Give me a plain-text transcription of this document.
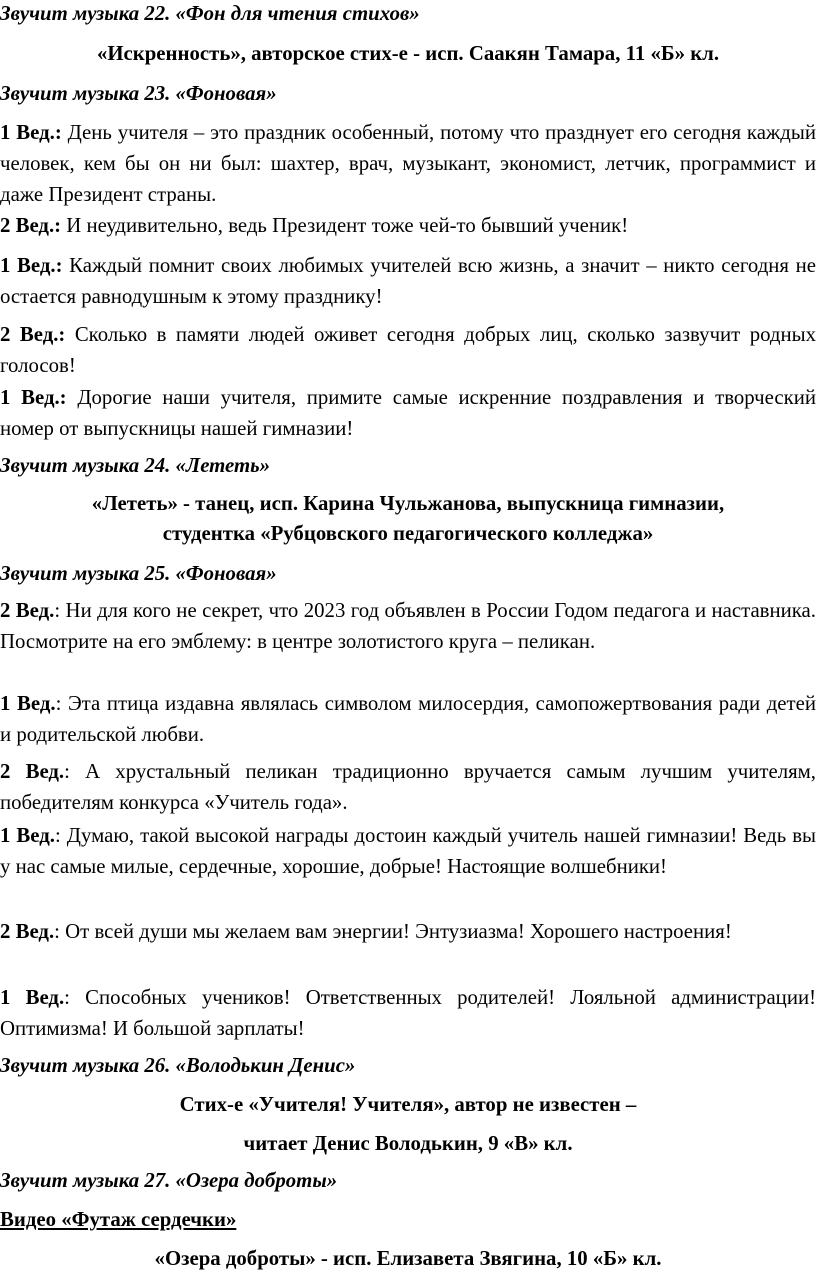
Звучит музыка 22. «Фон для чтения стихов»

«Искренность», авторское стих-е - исп. Саакян Тамара, 11 «Б» кл.

Звучит музыка 23. «Фоновая»

1 Вед.: День учителя – это праздник особенный, потому что празднует его сегодня каждый человек, кем бы он ни был: шахтер, врач, музыкант, экономист, летчик, программист и даже Президент страны.

2 Вед.: И неудивительно, ведь Президент тоже чей-то бывший ученик!

1 Вед.: Каждый помнит своих любимых учителей всю жизнь, а значит – никто сегодня не остается равнодушным к этому празднику!

2 Вед.: Сколько в памяти людей оживет сегодня добрых лиц, сколько зазвучит родных голосов!

1 Вед.: Дорогие наши учителя, примите самые искренние поздравления и творческий номер от выпускницы нашей гимназии!

Звучит музыка 24. «Лететь»

«Лететь» - танец, исп. Карина Чульжанова, выпускница гимназии,

студентка «Рубцовского педагогического колледжа»

Звучит музыка 25. «Фоновая»

2 Вед.: Ни для кого не секрет, что 2023 год объявлен в России Годом педагога и наставника. Посмотрите на его эмблему: в центре золотистого круга – пеликан.

1 Вед.: Эта птица издавна являлась символом милосердия, самопожертвования ради детей и родительской любви.

2 Вед.: А хрустальный пеликан традиционно вручается самым лучшим учителям, победителям конкурса «Учитель года».

1 Вед.: Думаю, такой высокой награды достоин каждый учитель нашей гимназии! Ведь вы у нас самые милые, сердечные, хорошие, добрые! Настоящие волшебники!

2 Вед.: От всей души мы желаем вам энергии! Энтузиазма! Хорошего настроения!

1 Вед.: Способных учеников! Ответственных родителей! Лояльной администрации! Оптимизма! И большой зарплаты!

Звучит музыка 26. «Володькин Денис»

Стих-е «Учителя! Учителя», автор не известен –

читает Денис Володькин, 9 «В» кл.

Звучит музыка 27. «Озера доброты»

Видео «Футаж сердечки»

«Озера доброты» - исп. Елизавета Звягина, 10 «Б» кл.
